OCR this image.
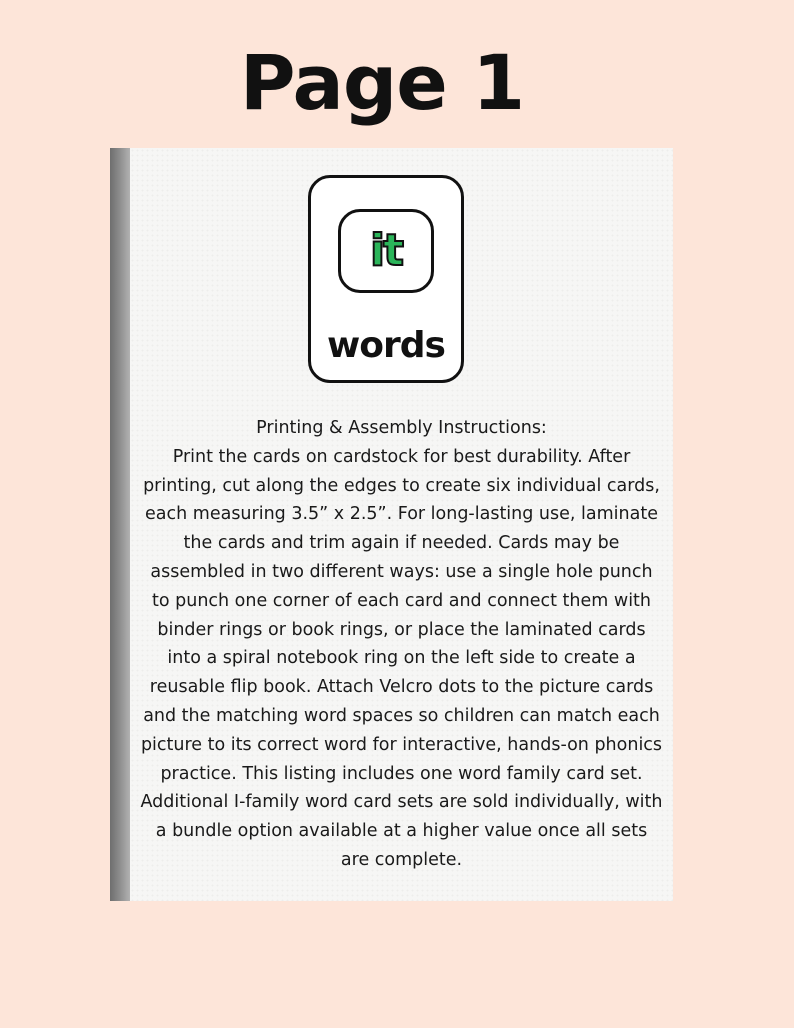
Page 1
it
words
Printing & Assembly Instructions:
Print the cards on cardstock for best durability. After printing, cut along the edges to create six individual cards, each measuring 3.5” x 2.5”. For long-lasting use, laminate the cards and trim again if needed. Cards may be assembled in two different ways: use a single hole punch to punch one corner of each card and connect them with binder rings or book rings, or place the laminated cards into a spiral notebook ring on the left side to create a reusable flip book. Attach Velcro dots to the picture cards and the matching word spaces so children can match each picture to its correct word for interactive, hands-on phonics practice. This listing includes one word family card set. Additional I-family word card sets are sold individually, with a bundle option available at a higher value once all sets are complete.
